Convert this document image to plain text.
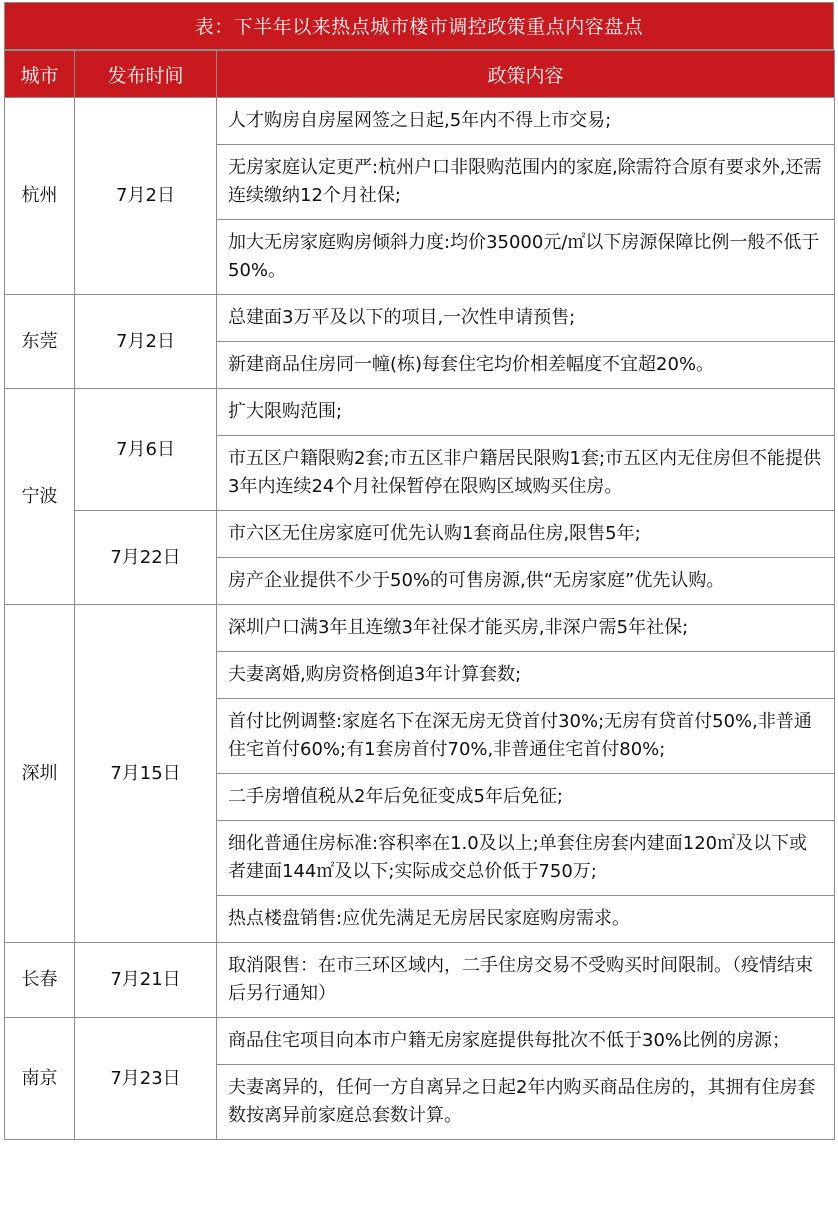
表：下半年以来热点城市楼市调控政策重点内容盘点
城市	发布时间	政策内容
杭州	7月2日	人才购房自房屋网签之日起,5年内不得上市交易;
		无房家庭认定更严:杭州户口非限购范围内的家庭,除需符合原有要求外,还需连续缴纳12个月社保;
		加大无房家庭购房倾斜力度:均价35000元/㎡以下房源保障比例一般不低于50%。
东莞	7月2日	总建面3万平及以下的项目,一次性申请预售;
		新建商品住房同一幢(栋)每套住宅均价相差幅度不宜超20%。
宁波	7月6日	扩大限购范围;
		市五区户籍限购2套;市五区非户籍居民限购1套;市五区内无住房但不能提供3年内连续24个月社保暂停在限购区域购买住房。
	7月22日	市六区无住房家庭可优先认购1套商品住房,限售5年;
		房产企业提供不少于50%的可售房源,供“无房家庭”优先认购。
深圳	7月15日	深圳户口满3年且连缴3年社保才能买房,非深户需5年社保;
		夫妻离婚,购房资格倒追3年计算套数;
		首付比例调整:家庭名下在深无房无贷首付30%;无房有贷首付50%,非普通住宅首付60%;有1套房首付70%,非普通住宅首付80%;
		二手房增值税从2年后免征变成5年后免征;
		细化普通住房标准:容积率在1.0及以上;单套住房套内建面120㎡及以下或者建面144㎡及以下;实际成交总价低于750万;
		热点楼盘销售:应优先满足无房居民家庭购房需求。
长春	7月21日	取消限售：在市三环区域内，二手住房交易不受购买时间限制。（疫情结束后另行通知）
南京	7月23日	商品住宅项目向本市户籍无房家庭提供每批次不低于30%比例的房源；
		夫妻离异的，任何一方自离异之日起2年内购买商品住房的，其拥有住房套数按离异前家庭总套数计算。
